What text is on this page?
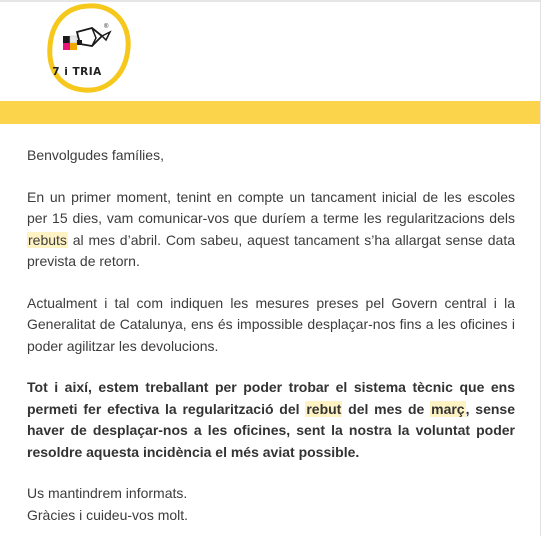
®
7 i TRIA

Benvolgudes famílies,

En un primer moment, tenint en compte un tancament inicial de les escoles per 15 dies, vam comunicar-vos que duríem a terme les regularitzacions dels rebuts al mes d’abril. Com sabeu, aquest tancament s’ha allargat sense data prevista de retorn.

Actualment i tal com indiquen les mesures preses pel Govern central i la Generalitat de Catalunya, ens és impossible desplaçar-nos fins a les oficines i poder agilitzar les devolucions.

Tot i així, estem treballant per poder trobar el sistema tècnic que ens permeti fer efectiva la regularització del rebut del mes de març, sense haver de desplaçar-nos a les oficines, sent la nostra la voluntat poder resoldre aquesta incidència el més aviat possible.

Us mantindrem informats.
Gràcies i cuideu-vos molt.
